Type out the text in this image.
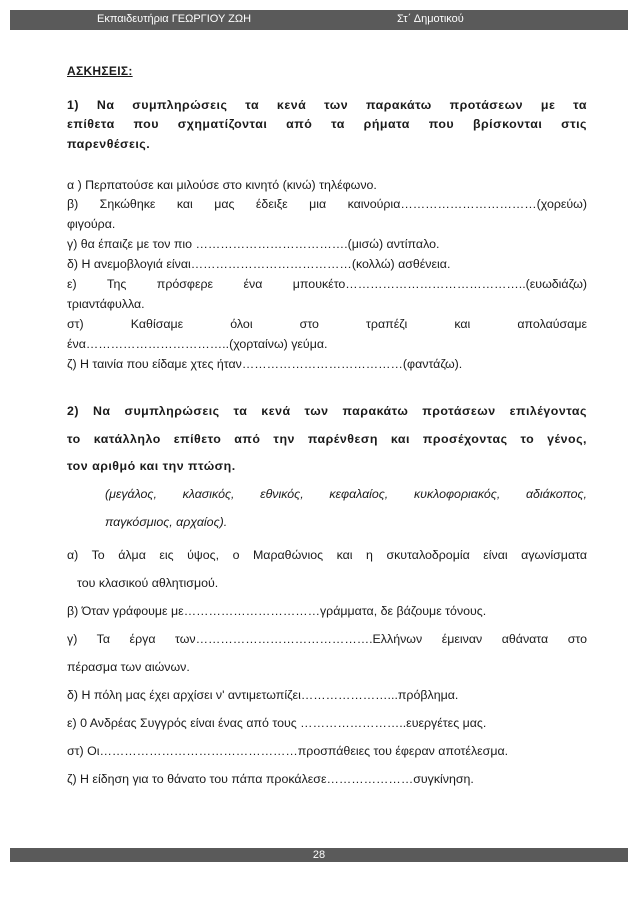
Εκπαιδευτήρια ΓΕΩΡΓΙΟΥ ΖΩΗ	Στ΄ Δημοτικού
ΑΣΚΗΣΕΙΣ:
1) Να συμπληρώσεις τα κενά των παρακάτω προτάσεων με τα
επίθετα που σχηματίζονται από τα ρήματα που βρίσκονται στις
παρενθέσεις.
α ) Περπατούσε και μιλούσε στο κινητό (κινώ) τηλέφωνο.
β) Σηκώθηκε και μας έδειξε μια καινούρια……………………………(χορεύω)
φιγούρα.
γ) θα έπαιζε με τον πιο ……………………………….(μισώ) αντίπαλο.
δ) Η ανεμοβλογιά είναι…………………………………(κολλώ) ασθένεια.
ε) Της πρόσφερε ένα μπουκέτο……………………………………..(ευωδιάζω)
τριαντάφυλλα.
στ) Καθίσαμε όλοι στο τραπέζι και απολαύσαμε
ένα……………………………..(χορταίνω) γεύμα.
ζ) Η ταινία που είδαμε χτες ήταν…………………………………(φαντάζω).
2) Να συμπληρώσεις τα κενά των παρακάτω προτάσεων επιλέγοντας
το κατάλληλο επίθετο από την παρένθεση και προσέχοντας το γένος,
τον αριθμό και την πτώση.
(μεγάλος, κλασικός, εθνικός, κεφαλαίος, κυκλοφοριακός, αδιάκοπος,
παγκόσμιος, αρχαίος).
α) Το άλμα εις ύψος, ο Μαραθώνιος και η σκυταλοδρομία είναι αγωνίσματα
του κλασικού αθλητισμού.
β) Όταν γράφουμε με……………………………γράμματα, δε βάζουμε τόνους.
γ) Τα έργα των…………………………………….Ελλήνων έμειναν αθάνατα στο
πέρασμα των αιώνων.
δ) Η πόλη μας έχει αρχίσει ν' αντιμετωπίζει…………………...πρόβλημα.
ε) 0 Ανδρέας Συγγρός είναι ένας από τους ……………………..ευεργέτες μας.
στ) Οι…………………………………………προσπάθειες του έφεραν αποτέλεσμα.
ζ) Η είδηση για το θάνατο του πάπα προκάλεσε…………………συγκίνηση.
28
